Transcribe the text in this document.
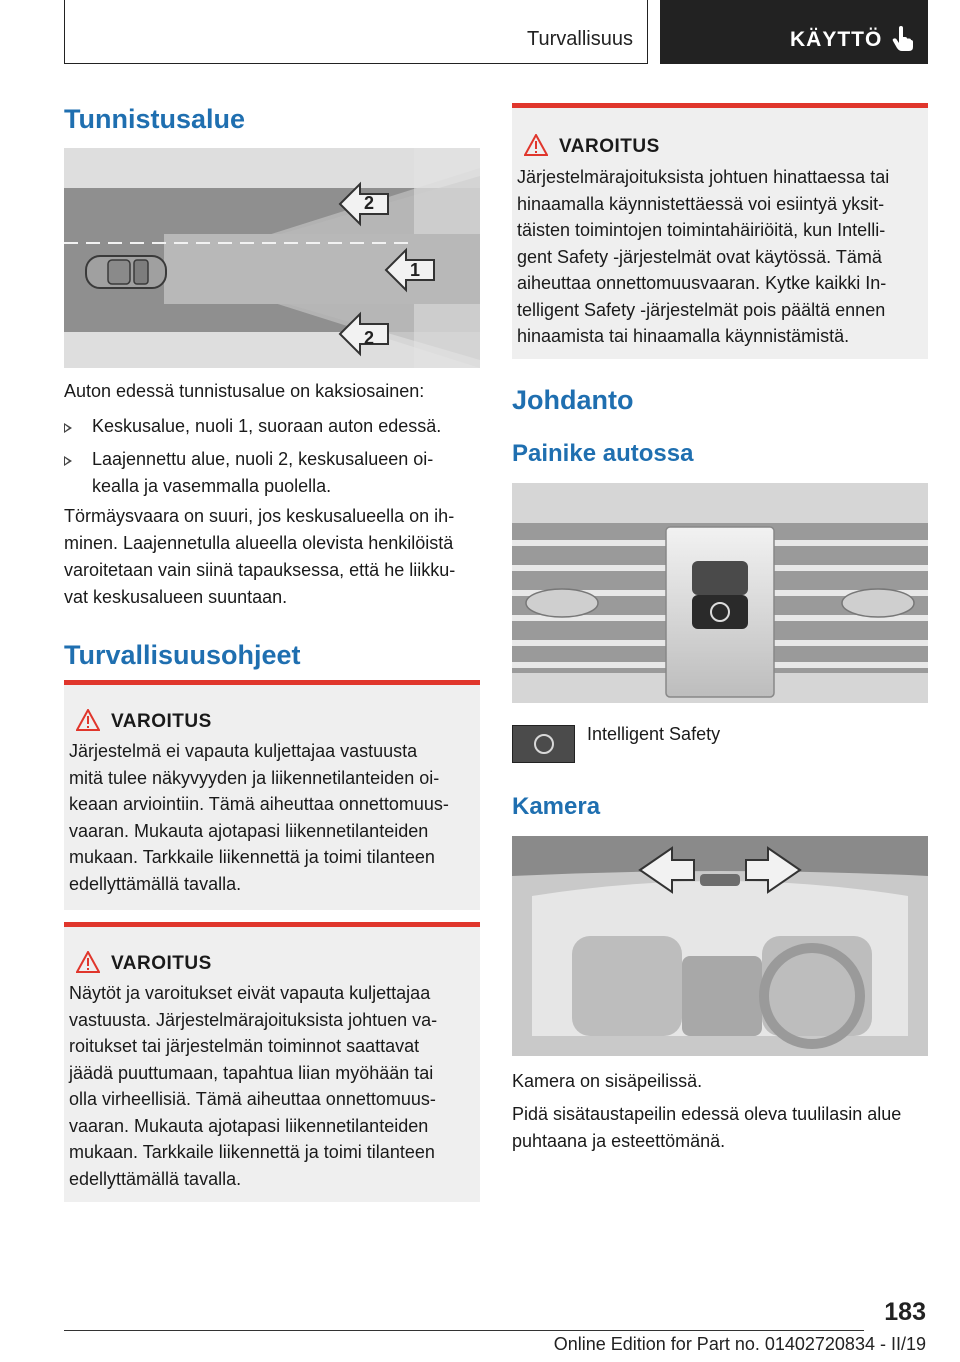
Turvallisuus	KÄYTTÖ
Tunnistusalue
2
1
2
Auton edessä tunnistusalue on kaksiosainen:
Keskusalue, nuoli 1, suoraan auton edessä.
Laajennettu alue, nuoli 2, keskusalueen oi-
kealla ja vasemmalla puolella.
Törmäysvaara on suuri, jos keskusalueella on ih-
minen. Laajennetulla alueella olevista henkilöistä
varoitetaan vain siinä tapauksessa, että he liikku-
vat keskusalueen suuntaan.
Turvallisuusohjeet
VAROITUS
Järjestelmä ei vapauta kuljettajaa vastuusta
mitä tulee näkyvyyden ja liikennetilanteiden oi-
keaan arviointiin. Tämä aiheuttaa onnettomuus-
vaaran. Mukauta ajotapasi liikennetilanteiden
mukaan. Tarkkaile liikennettä ja toimi tilanteen
edellyttämällä tavalla.
VAROITUS
Näytöt ja varoitukset eivät vapauta kuljettajaa
vastuusta. Järjestelmärajoituksista johtuen va-
roitukset tai järjestelmän toiminnot saattavat
jäädä puuttumaan, tapahtua liian myöhään tai
olla virheellisiä. Tämä aiheuttaa onnettomuus-
vaaran. Mukauta ajotapasi liikennetilanteiden
mukaan. Tarkkaile liikennettä ja toimi tilanteen
edellyttämällä tavalla.
VAROITUS
Järjestelmärajoituksista johtuen hinattaessa tai
hinaamalla käynnistettäessä voi esiintyä yksit-
täisten toimintojen toimintahäiriöitä, kun Intelli-
gent Safety -järjestelmät ovat käytössä. Tämä
aiheuttaa onnettomuusvaaran. Kytke kaikki In-
telligent Safety -järjestelmät pois päältä ennen
hinaamista tai hinaamalla käynnistämistä.
Johdanto
Painike autossa
Intelligent Safety
Kamera
Kamera on sisäpeilissä.
Pidä sisätaustapeilin edessä oleva tuulilasin alue
puhtaana ja esteettömänä.
183
Online Edition for Part no. 01402720834 - II/19
